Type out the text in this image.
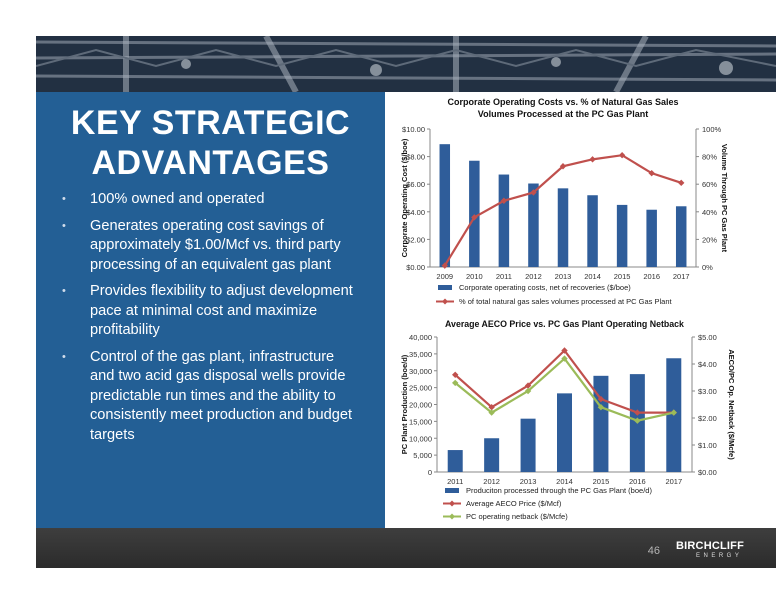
KEY STRATEGIC ADVANTAGES
• 100% owned and operated
• Generates operating cost savings of approximately $1.00/Mcf vs. third party processing of an equivalent gas plant
• Provides flexibility to adjust development pace at minimal cost and maximize profitability
• Control of the gas plant, infrastructure and two acid gas disposal wells provide predictable run times and the ability to consistently meet production and budget targets
Corporate Operating Costs vs. % of Natural Gas Sales
Volumes Processed at the PC Gas Plant
$0.00
$2.00
$4.00
$6.00
$8.00
$10.00
0%
20%
40%
60%
80%
100%
Corporate Operating Cost ($/boe)	Volume Through PC Gas Plant
2009 2010 2011 2012 2013 2014 2015 2016 2017
Corporate operating costs, net of recoveries ($/boe)
% of total natural gas sales volumes processed at PC Gas Plant
Average AECO Price vs. PC Gas Plant Operating Netback
0
5,000
10,000
15,000
20,000
25,000
30,000
35,000
40,000
$0.00
$1.00
$2.00
$3.00
$4.00
$5.00
PC Plant Production (boe/d)	AECO/PC Op. Netback ($/Mcfe)
2011	2012	2013	2014	2015	2016	2017
Produciton processed through the PC Gas Plant (boe/d)
Average AECO Price ($/Mcf)
PC operating netback ($/Mcfe)
46 BIRCHCLIFF
ENERGY
